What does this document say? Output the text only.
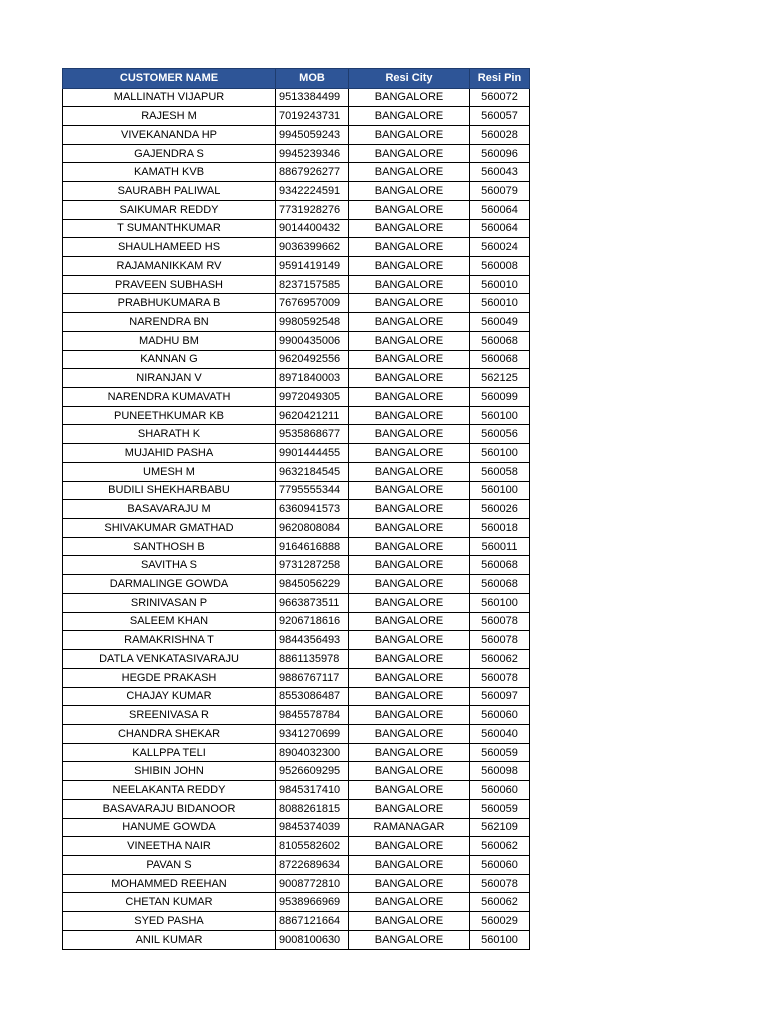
CUSTOMER NAME	MOB	Resi City	Resi Pin
MALLINATH VIJAPUR	9513384499	BANGALORE	560072
RAJESH M	7019243731	BANGALORE	560057
VIVEKANANDA HP	9945059243	BANGALORE	560028
GAJENDRA S	9945239346	BANGALORE	560096
KAMATH KVB	8867926277	BANGALORE	560043
SAURABH PALIWAL	9342224591	BANGALORE	560079
SAIKUMAR REDDY	7731928276	BANGALORE	560064
T SUMANTHKUMAR	9014400432	BANGALORE	560064
SHAULHAMEED HS	9036399662	BANGALORE	560024
RAJAMANIKKAM RV	9591419149	BANGALORE	560008
PRAVEEN SUBHASH	8237157585	BANGALORE	560010
PRABHUKUMARA B	7676957009	BANGALORE	560010
NARENDRA BN	9980592548	BANGALORE	560049
MADHU BM	9900435006	BANGALORE	560068
KANNAN G	9620492556	BANGALORE	560068
NIRANJAN V	8971840003	BANGALORE	562125
NARENDRA KUMAVATH	9972049305	BANGALORE	560099
PUNEETHKUMAR KB	9620421211	BANGALORE	560100
SHARATH K	9535868677	BANGALORE	560056
MUJAHID PASHA	9901444455	BANGALORE	560100
UMESH M	9632184545	BANGALORE	560058
BUDILI SHEKHARBABU	7795555344	BANGALORE	560100
BASAVARAJU M	6360941573	BANGALORE	560026
SHIVAKUMAR GMATHAD	9620808084	BANGALORE	560018
SANTHOSH B	9164616888	BANGALORE	560011
SAVITHA S	9731287258	BANGALORE	560068
DARMALINGE GOWDA	9845056229	BANGALORE	560068
SRINIVASAN P	9663873511	BANGALORE	560100
SALEEM KHAN	9206718616	BANGALORE	560078
RAMAKRISHNA T	9844356493	BANGALORE	560078
DATLA VENKATASIVARAJU	8861135978	BANGALORE	560062
HEGDE PRAKASH	9886767117	BANGALORE	560078
CHAJAY KUMAR	8553086487	BANGALORE	560097
SREENIVASA R	9845578784	BANGALORE	560060
CHANDRA SHEKAR	9341270699	BANGALORE	560040
KALLPPA TELI	8904032300	BANGALORE	560059
SHIBIN JOHN	9526609295	BANGALORE	560098
NEELAKANTA REDDY	9845317410	BANGALORE	560060
BASAVARAJU BIDANOOR	8088261815	BANGALORE	560059
HANUME GOWDA	9845374039	RAMANAGAR	562109
VINEETHA NAIR	8105582602	BANGALORE	560062
PAVAN S	8722689634	BANGALORE	560060
MOHAMMED REEHAN	9008772810	BANGALORE	560078
CHETAN KUMAR	9538966969	BANGALORE	560062
SYED PASHA	8867121664	BANGALORE	560029
ANIL KUMAR	9008100630	BANGALORE	560100
